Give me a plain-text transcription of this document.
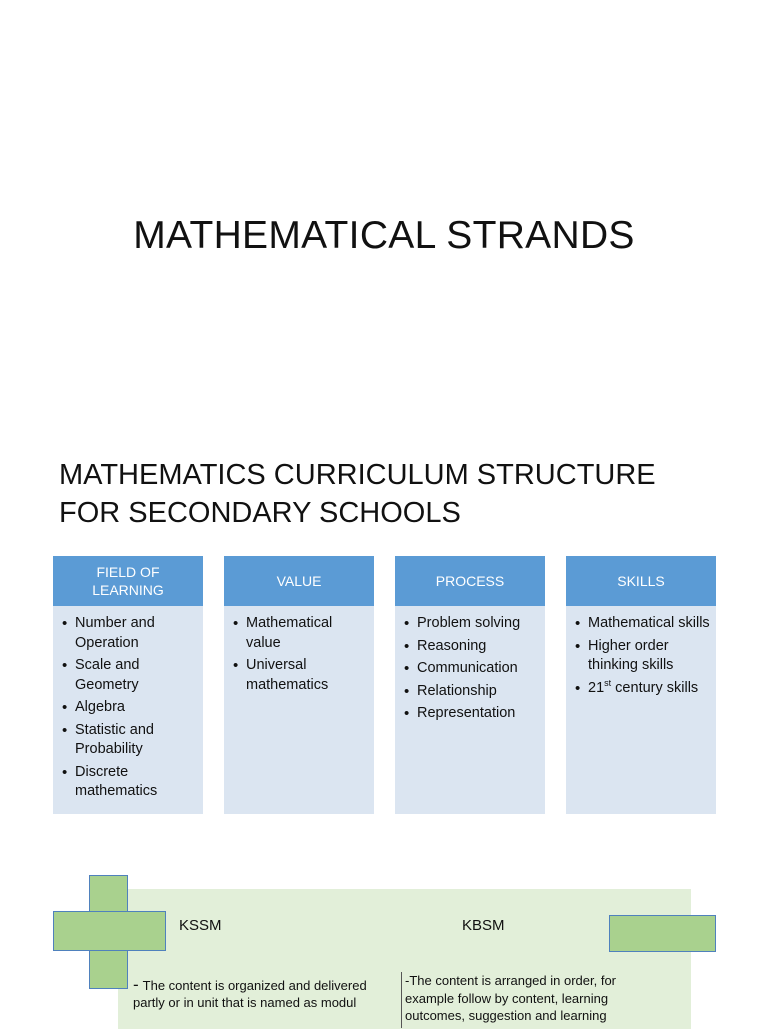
MATHEMATICAL STRANDS
MATHEMATICS CURRICULUM STRUCTURE
FOR SECONDARY SCHOOLS
FIELD OF LEARNING
• Number and Operation
• Scale and Geometry
• Algebra
• Statistic and Probability
• Discrete mathematics
VALUE
• Mathematical value
• Universal mathematics
PROCESS
• Problem solving
• Reasoning
• Communication
• Relationship
• Representation
SKILLS
• Mathematical skills
• Higher order thinking skills
• 21st century skills
KSSM	KBSM
- The content is organized and delivered partly or in unit that is named as modul
-The content is arranged in order, for example follow by content, learning outcomes, suggestion and learning
